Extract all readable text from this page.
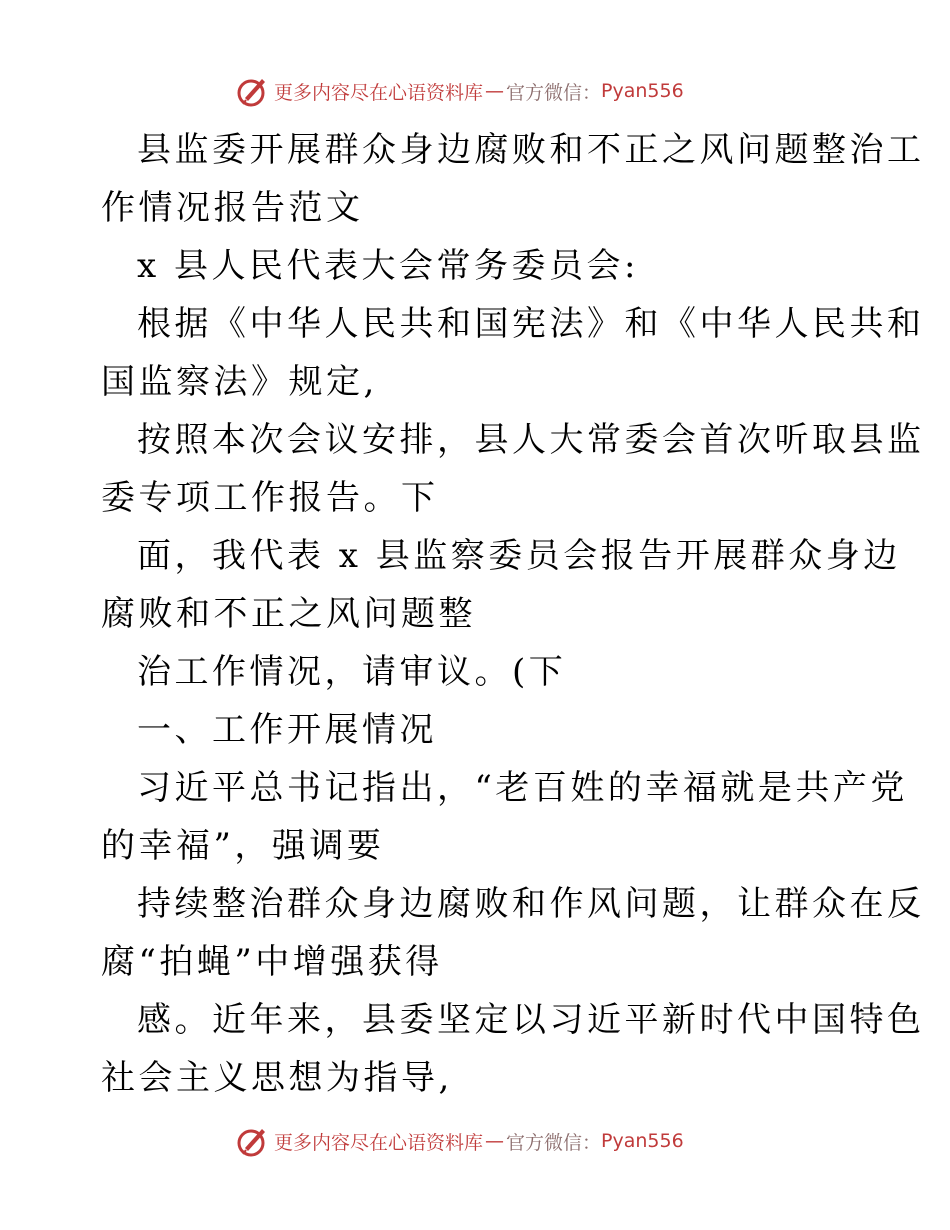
更多内容尽在心语资料库 — 官方微信： Pyan556
县监委开展群众身边腐败和不正之风问题整治工
作情况报告范文
x 县人民代表大会常务委员会:
根据《中华人民共和国宪法》和《中华人民共和
国监察法》规定,
按照本次会议安排，县人大常委会首次听取县监
委专项工作报告。下
面，我代表 x 县监察委员会报告开展群众身边
腐败和不正之风问题整
治工作情况，请审议。(下
一、工作开展情况
习近平总书记指出，“老百姓的幸福就是共产党
的幸福”，强调要
持续整治群众身边腐败和作风问题，让群众在反
腐“拍蝇”中增强获得
感。近年来，县委坚定以习近平新时代中国特色
社会主义思想为指导,
更多内容尽在心语资料库 — 官方微信： Pyan556
